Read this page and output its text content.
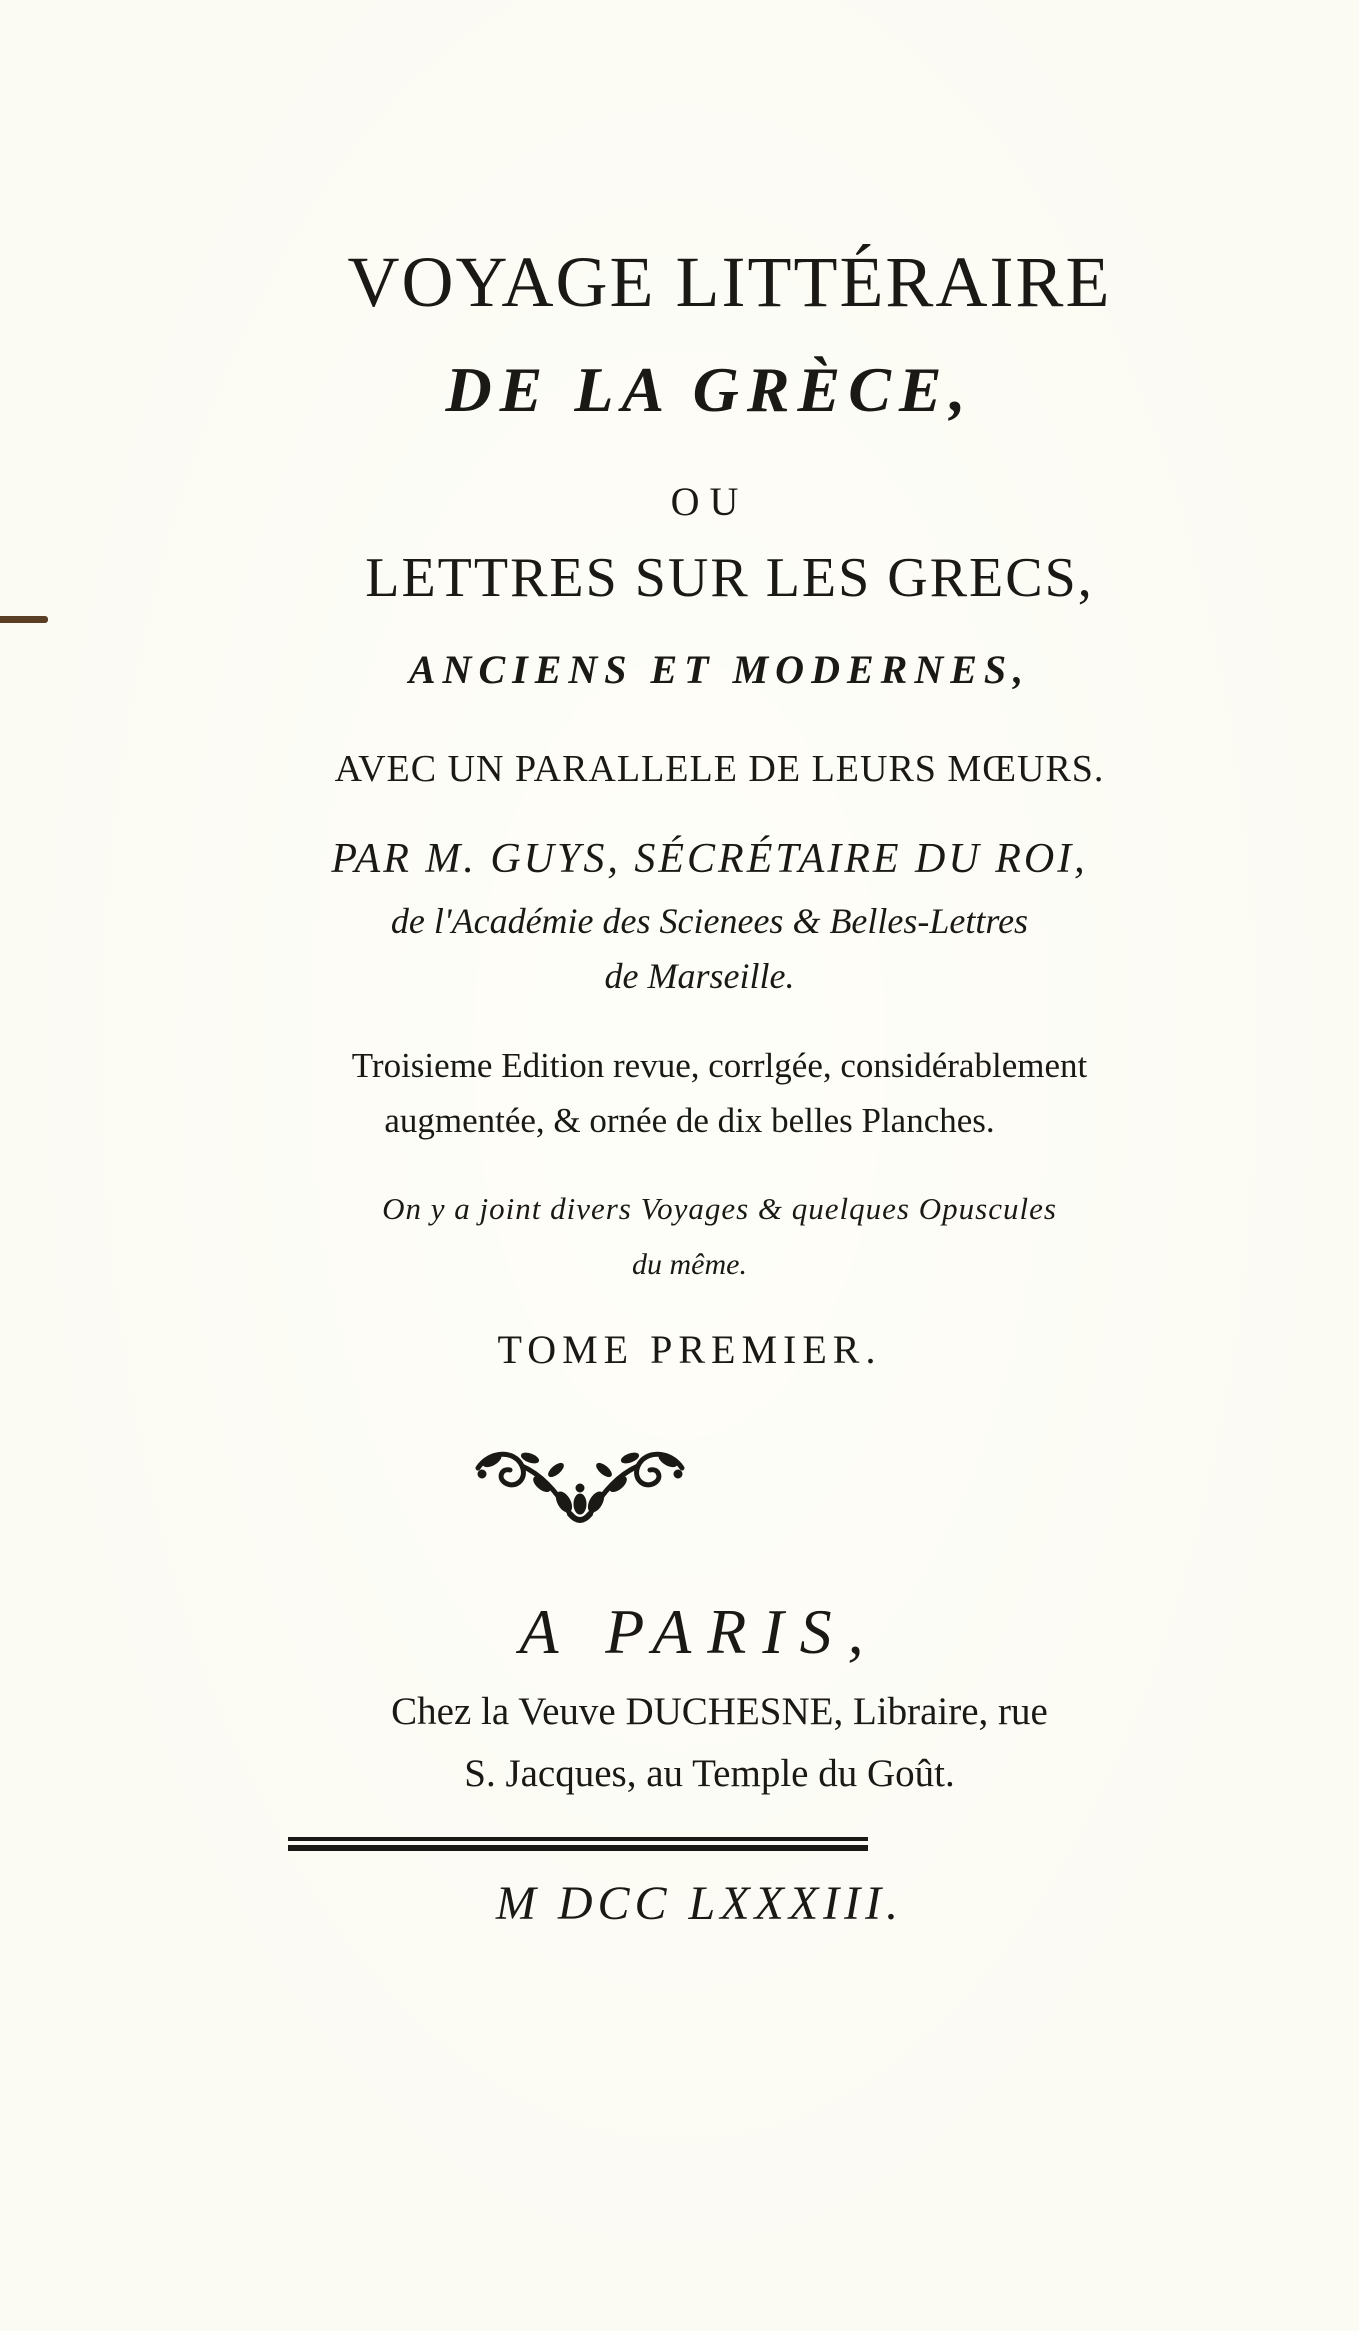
VOYAGE LITTÉRAIRE
DE LA GRÈCE,
OU
LETTRES SUR LES GRECS,
ANCIENS ET MODERNES,
AVEC UN PARALLELE DE LEURS MŒURS.
PAR M. GUYS, SÉCRÉTAIRE DU ROI,
de l'Académie des Scienees & Belles-Lettres
de Marseille.
Troisieme Edition revue, corrlgée, considérablement
augmentée, & ornée de dix belles Planches.
On y a joint divers Voyages & quelques Opuscules
du même.
TOME PREMIER.
A PARIS,
Chez la Veuve DUCHESNE, Libraire, rue
S. Jacques, au Temple du Goût.
M DCC LXXXIII.
